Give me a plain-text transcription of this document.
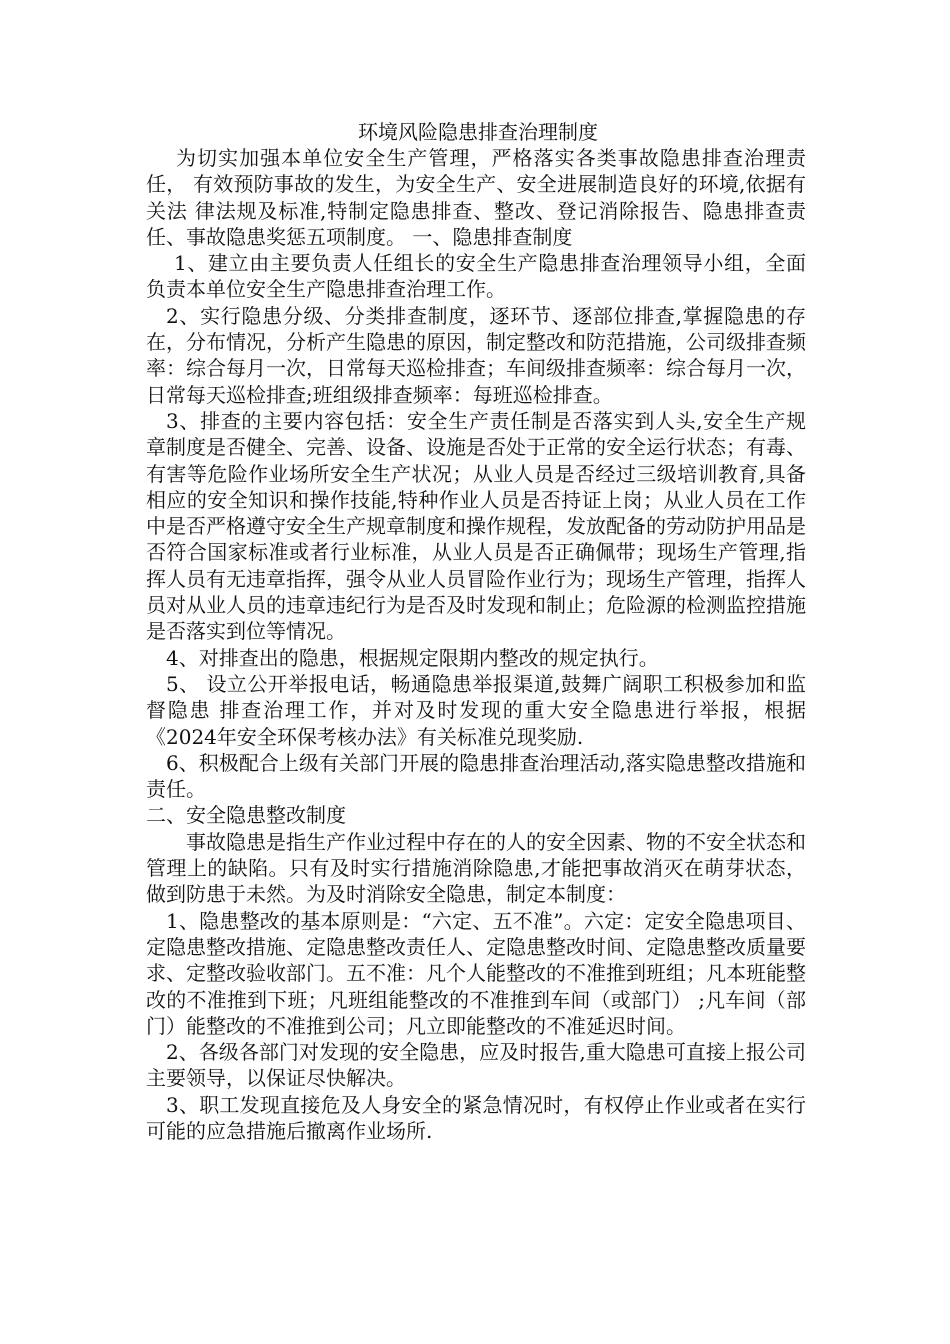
环境风险隐患排查治理制度

为切实加强本单位安全生产管理，严格落实各类事故隐患排查治理责任， 有效预防事故的发生，为安全生产、安全进展制造良好的环境,依据有关法 律法规及标准,特制定隐患排查、整改、登记消除报告、隐患排查责任、事故隐患奖惩五项制度。 一、隐患排查制度

1、建立由主要负责人任组长的安全生产隐患排查治理领导小组，全面负责本单位安全生产隐患排查治理工作。

2、实行隐患分级、分类排查制度，逐环节、逐部位排查,掌握隐患的存在，分布情况，分析产生隐患的原因，制定整改和防范措施，公司级排查频率：综合每月一次，日常每天巡检排查；车间级排查频率：综合每月一次，日常每天巡检排查;班组级排查频率：每班巡检排查。

3、排查的主要内容包括：安全生产责任制是否落实到人头,安全生产规 章制度是否健全、完善、设备、设施是否处于正常的安全运行状态；有毒、有害等危险作业场所安全生产状况；从业人员是否经过三级培训教育,具备相应的安全知识和操作技能,特种作业人员是否持证上岗；从业人员在工作中是否严格遵守安全生产规章制度和操作规程，发放配备的劳动防护用品是否符合国家标准或者行业标准，从业人员是否正确佩带；现场生产管理,指挥人员有无违章指挥，强令从业人员冒险作业行为；现场生产管理，指挥人员对从业人员的违章违纪行为是否及时发现和制止；危险源的检测监控措施是否落实到位等情况。

4、对排查出的隐患，根据规定限期内整改的规定执行。

5、 设立公开举报电话，畅通隐患举报渠道,鼓舞广阔职工积极参加和监督隐患 排查治理工作，并对及时发现的重大安全隐患进行举报，根据《2024年安全环保考核办法》有关标准兑现奖励.

6、积极配合上级有关部门开展的隐患排查治理活动,落实隐患整改措施和责任。

二、安全隐患整改制度

事故隐患是指生产作业过程中存在的人的安全因素、物的不安全状态和 管理上的缺陷。只有及时实行措施消除隐患,才能把事故消灭在萌芽状态， 做到防患于未然。为及时消除安全隐患，制定本制度：

1、隐患整改的基本原则是：“六定、五不准”。六定：定安全隐患项目、 定隐患整改措施、定隐患整改责任人、定隐患整改时间、定隐患整改质量要 求、定整改验收部门。五不准：凡个人能整改的不准推到班组；凡本班能整 改的不准推到下班；凡班组能整改的不准推到车间（或部门） ;凡车间（部门）能整改的不准推到公司；凡立即能整改的不准延迟时间。

2、各级各部门对发现的安全隐患，应及时报告,重大隐患可直接上报公司主要领导，以保证尽快解决。

3、职工发现直接危及人身安全的紧急情况时，有权停止作业或者在实行可能的应急措施后撤离作业场所.
